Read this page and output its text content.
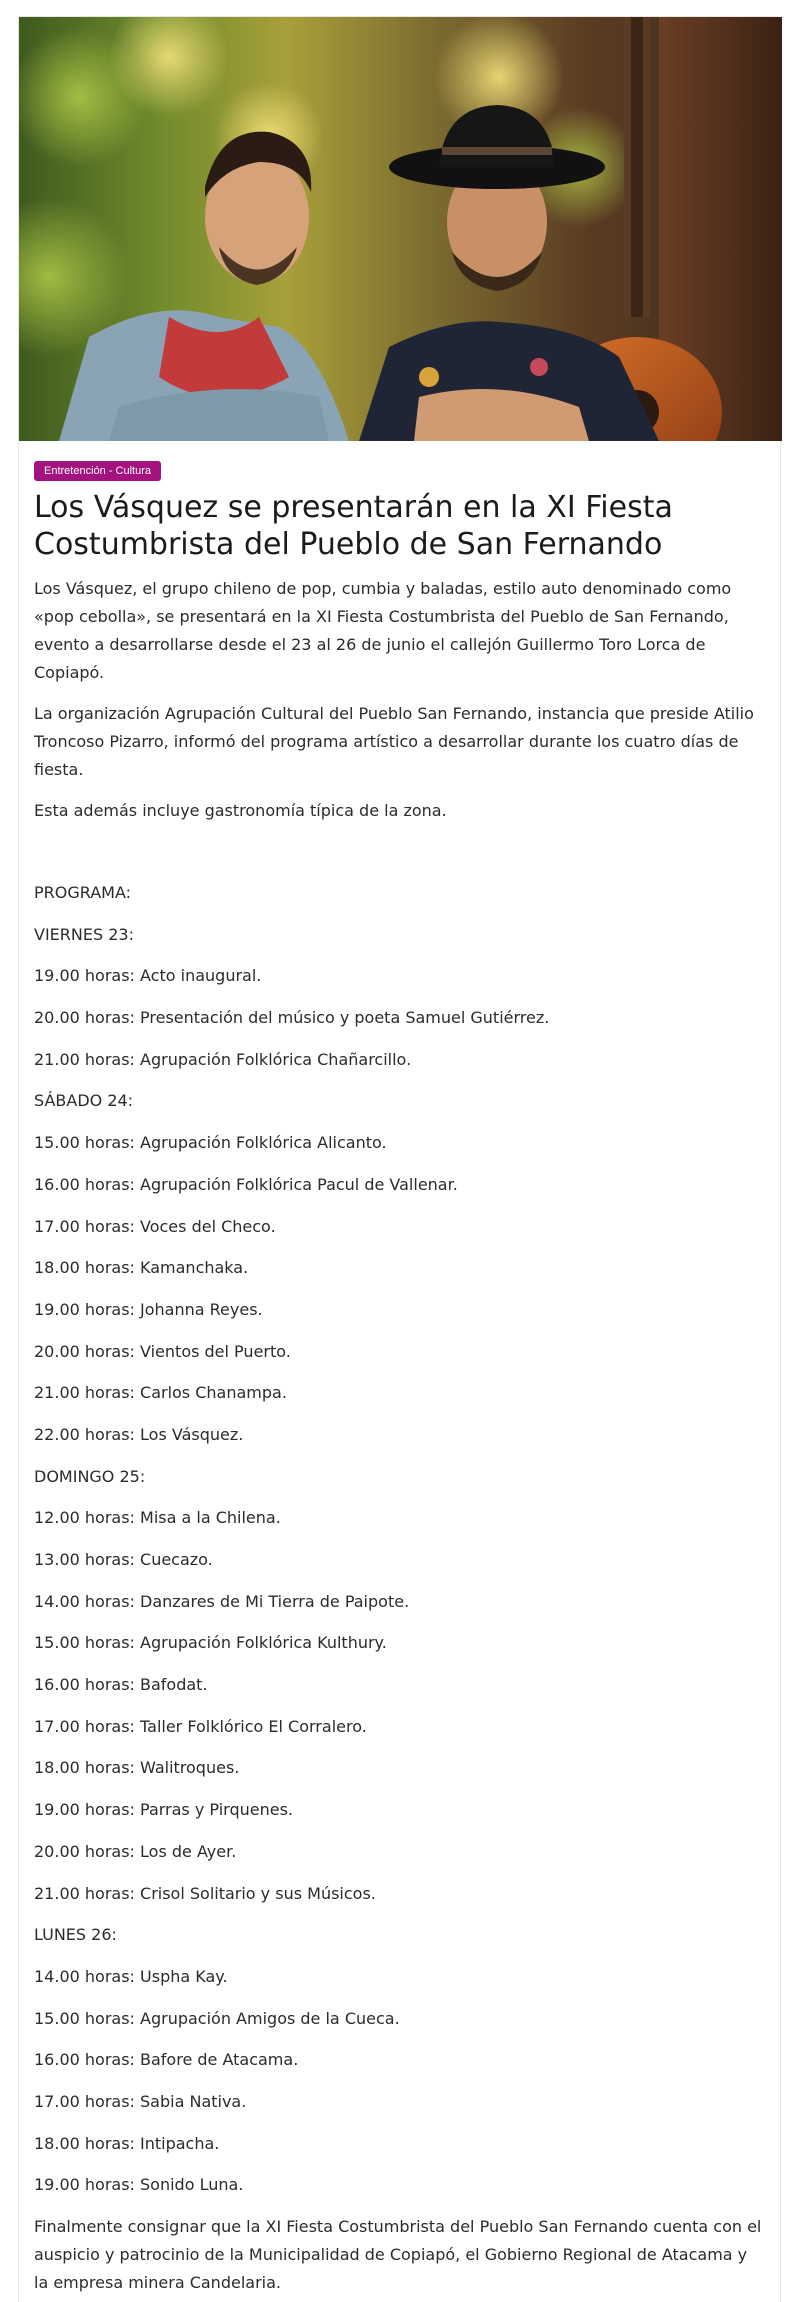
Entretención - Cultura
Los Vásquez se presentarán en la XI Fiesta Costumbrista del Pueblo de San Fernando

Los Vásquez, el grupo chileno de pop, cumbia y baladas, estilo auto denominado como «pop cebolla», se presentará en la XI Fiesta Costumbrista del Pueblo de San Fernando, evento a desarrollarse desde el 23 al 26 de junio el callejón Guillermo Toro Lorca de Copiapó.

La organización Agrupación Cultural del Pueblo San Fernando, instancia que preside Atilio Troncoso Pizarro, informó del programa artístico a desarrollar durante los cuatro días de fiesta.

Esta además incluye gastronomía típica de la zona.

PROGRAMA:

VIERNES 23:

19.00 horas: Acto inaugural.

20.00 horas: Presentación del músico y poeta Samuel Gutiérrez.

21.00 horas: Agrupación Folklórica Chañarcillo.

SÁBADO 24:

15.00 horas: Agrupación Folklórica Alicanto.

16.00 horas: Agrupación Folklórica Pacul de Vallenar.

17.00 horas: Voces del Checo.

18.00 horas: Kamanchaka.

19.00 horas: Johanna Reyes.

20.00 horas: Vientos del Puerto.

21.00 horas: Carlos Chanampa.

22.00 horas: Los Vásquez.

DOMINGO 25:

12.00 horas: Misa a la Chilena.

13.00 horas: Cuecazo.

14.00 horas: Danzares de Mi Tierra de Paipote.

15.00 horas: Agrupación Folklórica Kulthury.

16.00 horas: Bafodat.

17.00 horas: Taller Folklórico El Corralero.

18.00 horas: Walitroques.

19.00 horas: Parras y Pirquenes.

20.00 horas: Los de Ayer.

21.00 horas: Crisol Solitario y sus Músicos.

LUNES 26:

14.00 horas: Uspha Kay.

15.00 horas: Agrupación Amigos de la Cueca.

16.00 horas: Bafore de Atacama.

17.00 horas: Sabia Nativa.

18.00 horas: Intipacha.

19.00 horas: Sonido Luna.

Finalmente consignar que la XI Fiesta Costumbrista del Pueblo San Fernando cuenta con el auspicio y patrocinio de la Municipalidad de Copiapó, el Gobierno Regional de Atacama y la empresa minera Candelaria.
